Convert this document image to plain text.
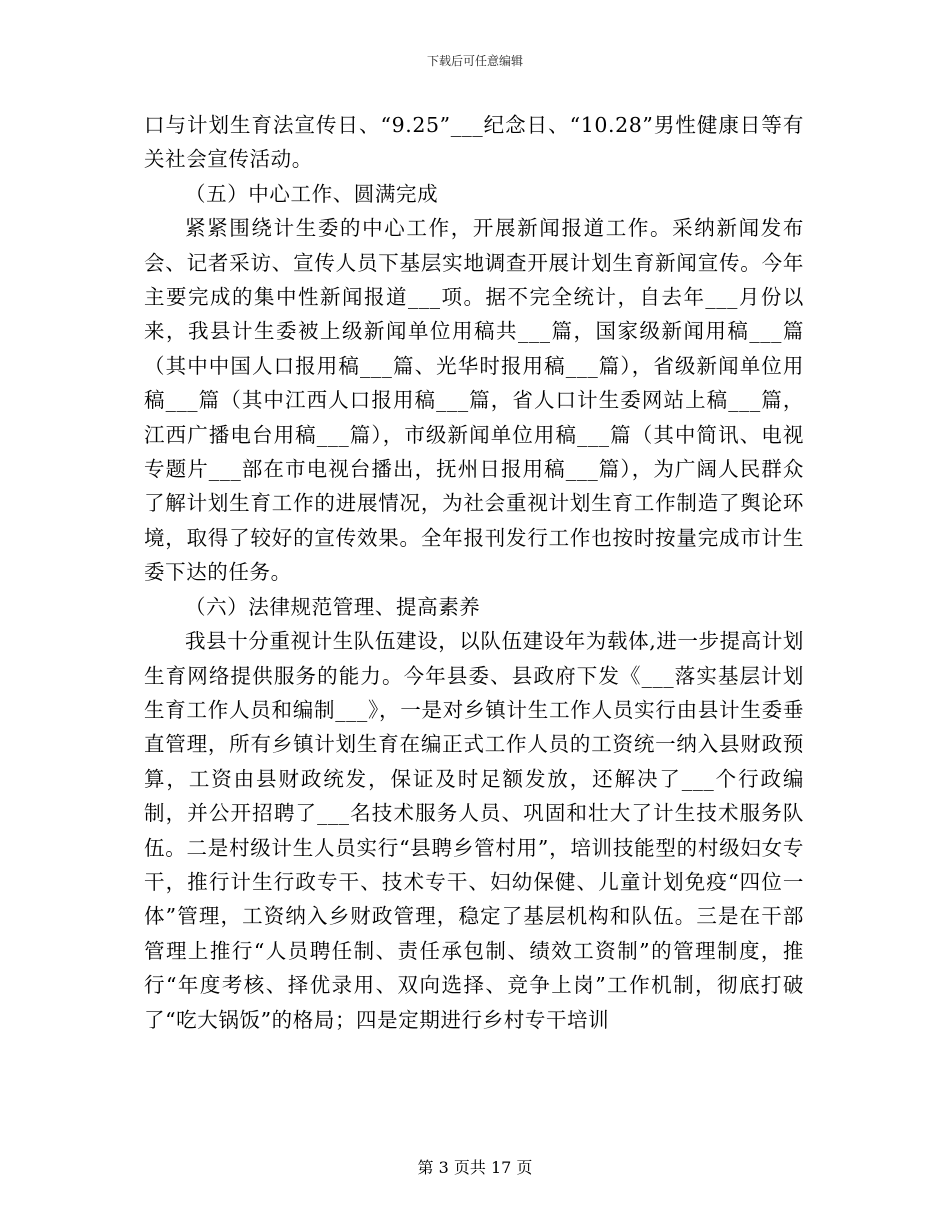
下载后可任意编辑

口与计划生育法宣传日、“9.25”___纪念日、“10.28”男性健康日等有关社会宣传活动。

（五）中心工作、圆满完成

紧紧围绕计生委的中心工作，开展新闻报道工作。采纳新闻发布会、记者采访、宣传人员下基层实地调查开展计划生育新闻宣传。今年主要完成的集中性新闻报道___项。据不完全统计，自去年___月份以来，我县计生委被上级新闻单位用稿共___篇，国家级新闻用稿___篇（其中中国人口报用稿___篇、光华时报用稿___篇），省级新闻单位用稿___篇（其中江西人口报用稿___篇，省人口计生委网站上稿___篇，江西广播电台用稿___篇），市级新闻单位用稿___篇（其中简讯、电视专题片___部在市电视台播出，抚州日报用稿___篇），为广阔人民群众了解计划生育工作的进展情况，为社会重视计划生育工作制造了舆论环境，取得了较好的宣传效果。全年报刊发行工作也按时按量完成市计生委下达的任务。

（六）法律规范管理、提高素养

我县十分重视计生队伍建设，以队伍建设年为载体,进一步提高计划生育网络提供服务的能力。今年县委、县政府下发《___落实基层计划生育工作人员和编制___》，一是对乡镇计生工作人员实行由县计生委垂直管理，所有乡镇计划生育在编正式工作人员的工资统一纳入县财政预算，工资由县财政统发，保证及时足额发放，还解决了___个行政编制，并公开招聘了___名技术服务人员、巩固和壮大了计生技术服务队伍。二是村级计生人员实行“县聘乡管村用”，培训技能型的村级妇女专干，推行计生行政专干、技术专干、妇幼保健、儿童计划免疫“四位一体”管理，工资纳入乡财政管理，稳定了基层机构和队伍。三是在干部管理上推行“人员聘任制、责任承包制、绩效工资制”的管理制度，推行“年度考核、择优录用、双向选择、竞争上岗”工作机制，彻底打破了“吃大锅饭”的格局；四是定期进行乡村专干培训

第 3 页共 17 页
